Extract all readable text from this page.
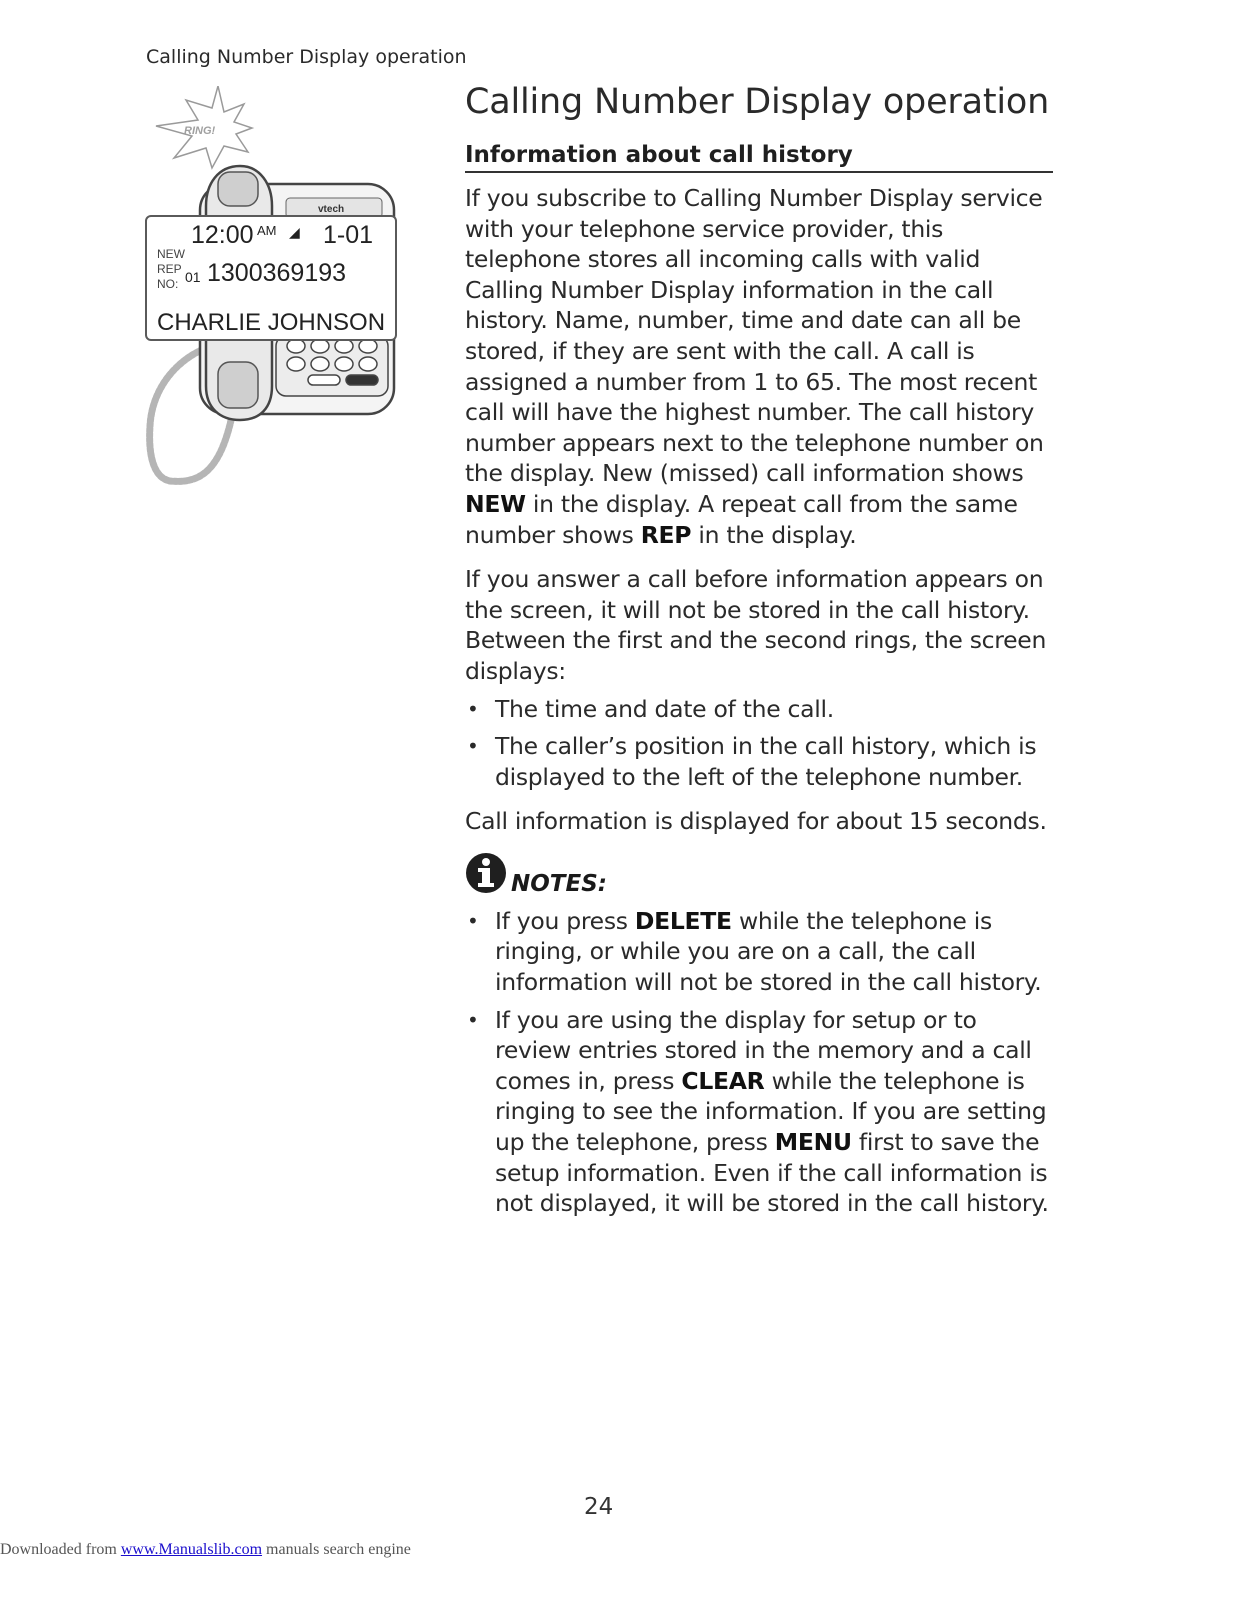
Calling Number Display operation
RING!
vtech
12:00 AM ◢ 1-01
NEW
REP
NO: 01 1300369193
CHARLIE JOHNSON
Calling Number Display operation
Information about call history

If you subscribe to Calling Number Display service with your telephone service provider, this telephone stores all incoming calls with valid Calling Number Display information in the call history. Name, number, time and date can all be stored, if they are sent with the call. A call is assigned a number from 1 to 65. The most recent call will have the highest number. The call history number appears next to the telephone number on the display. New (missed) call information shows NEW in the display. A repeat call from the same number shows REP in the display.

If you answer a call before information appears on the screen, it will not be stored in the call history. Between the first and the second rings, the screen displays:

• The time and date of the call.
• The caller’s position in the call history, which is displayed to the left of the telephone number.

Call information is displayed for about 15 seconds.

NOTES:
• If you press DELETE while the telephone is ringing, or while you are on a call, the call information will not be stored in the call history.
• If you are using the display for setup or to review entries stored in the memory and a call comes in, press CLEAR while the telephone is ringing to see the information. If you are setting up the telephone, press MENU first to save the setup information. Even if the call information is not displayed, it will be stored in the call history.
24
Downloaded from www.Manualslib.com manuals search engine
